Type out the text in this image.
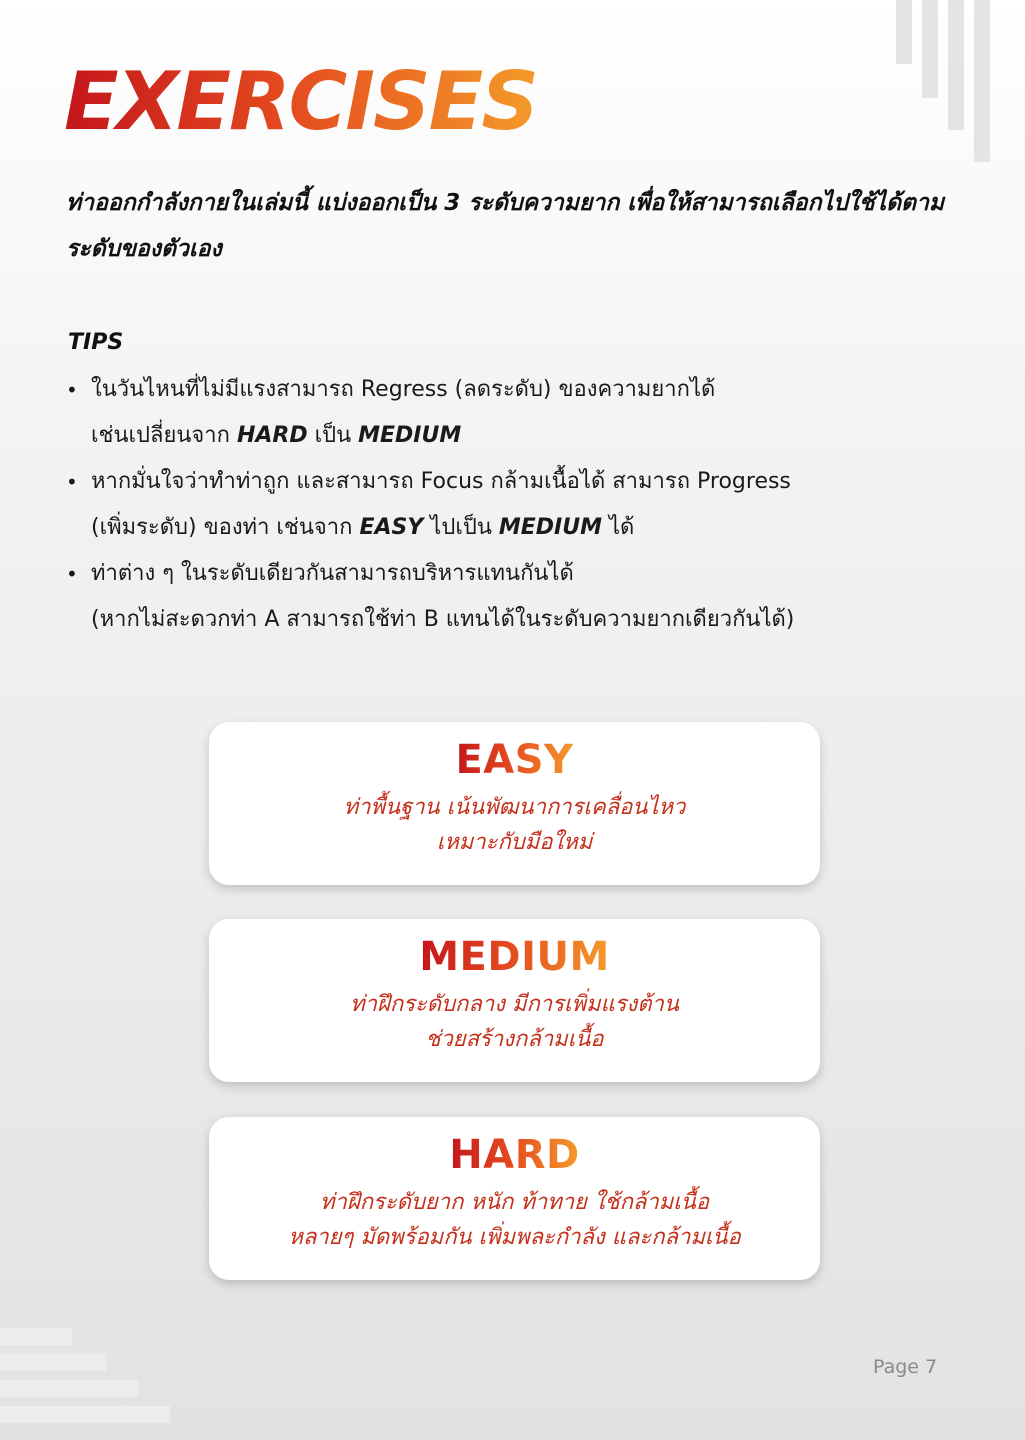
EXERCISES

ท่าออกกำลังกายในเล่มนี้ แบ่งออกเป็น 3 ระดับความยาก เพื่อให้สามารถเลือกไปใช้ได้ตามระดับของตัวเอง

TIPS
• ในวันไหนที่ไม่มีแรงสามารถ Regress (ลดระดับ) ของความยากได้
เช่นเปลี่ยนจาก HARD เป็น MEDIUM
• หากมั่นใจว่าทำท่าถูก และสามารถ Focus กล้ามเนื้อได้ สามารถ Progress
(เพิ่มระดับ) ของท่า เช่นจาก EASY ไปเป็น MEDIUM ได้
• ท่าต่าง ๆ ในระดับเดียวกันสามารถบริหารแทนกันได้
(หากไม่สะดวกท่า A สามารถใช้ท่า B แทนได้ในระดับความยากเดียวกันได้)
EASY

ท่าพื้นฐาน เน้นพัฒนาการเคลื่อนไหว
เหมาะกับมือใหม่

MEDIUM

ท่าฝึกระดับกลาง มีการเพิ่มแรงต้าน
ช่วยสร้างกล้ามเนื้อ

HARD

ท่าฝึกระดับยาก หนัก ท้าทาย ใช้กล้ามเนื้อ
หลายๆ มัดพร้อมกัน เพิ่มพละกำลัง และกล้ามเนื้อ

Page 7
